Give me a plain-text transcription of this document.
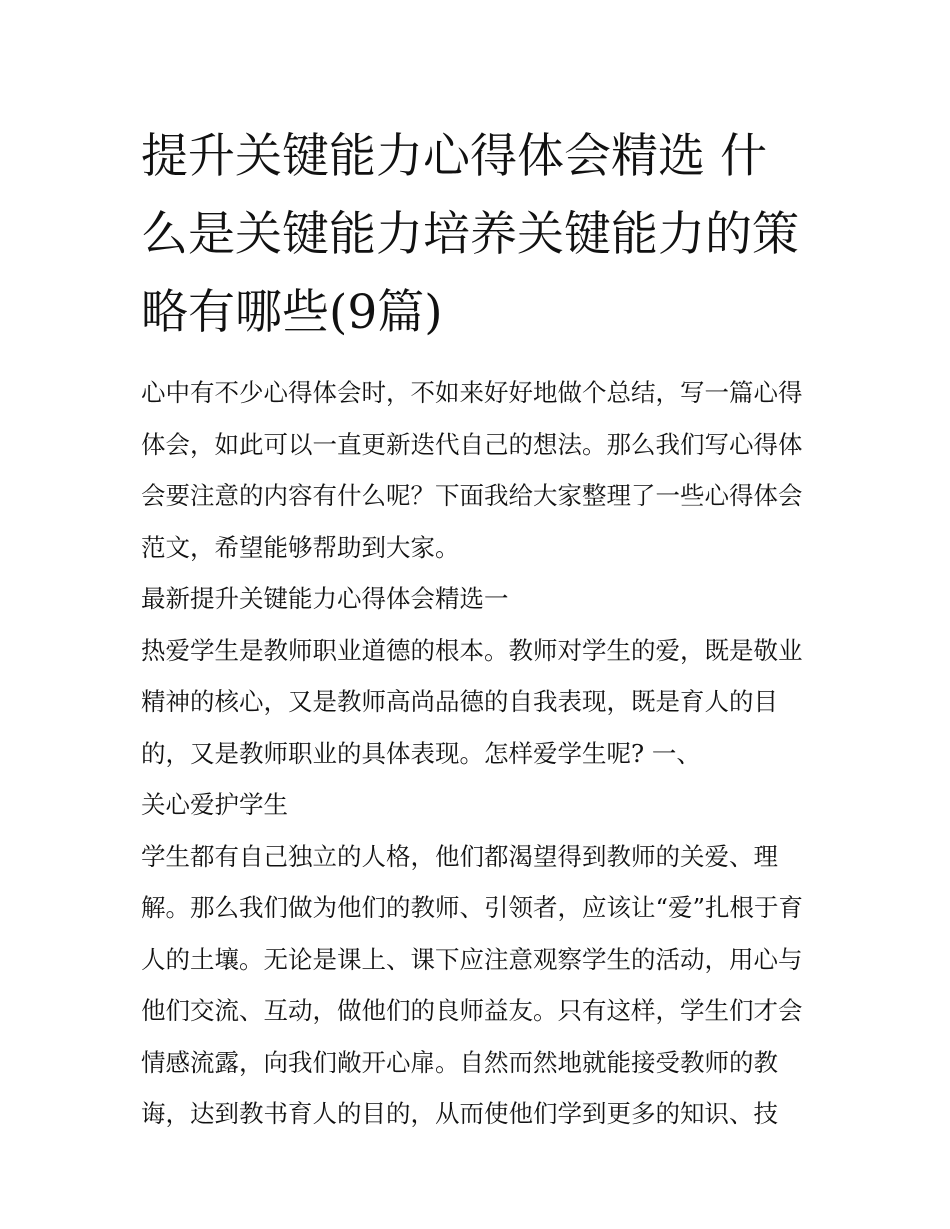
提升关键能力心得体会精选 什么是关键能力培养关键能力的策略有哪些(9篇)

心中有不少心得体会时，不如来好好地做个总结，写一篇心得体会，如此可以一直更新迭代自己的想法。那么我们写心得体会要注意的内容有什么呢？下面我给大家整理了一些心得体会范文，希望能够帮助到大家。

最新提升关键能力心得体会精选一

热爱学生是教师职业道德的根本。教师对学生的爱，既是敬业精神的核心，又是教师高尚品德的自我表现，既是育人的目的，又是教师职业的具体表现。怎样爱学生呢? 一、

关心爱护学生

学生都有自己独立的人格，他们都渴望得到教师的关爱、理解。那么我们做为他们的教师、引领者，应该让“爱”扎根于育人的土壤。无论是课上、课下应注意观察学生的活动，用心与他们交流、互动，做他们的良师益友。只有这样，学生们才会情感流露，向我们敞开心扉。自然而然地就能接受教师的教诲，达到教书育人的目的，从而使他们学到更多的知识、技
